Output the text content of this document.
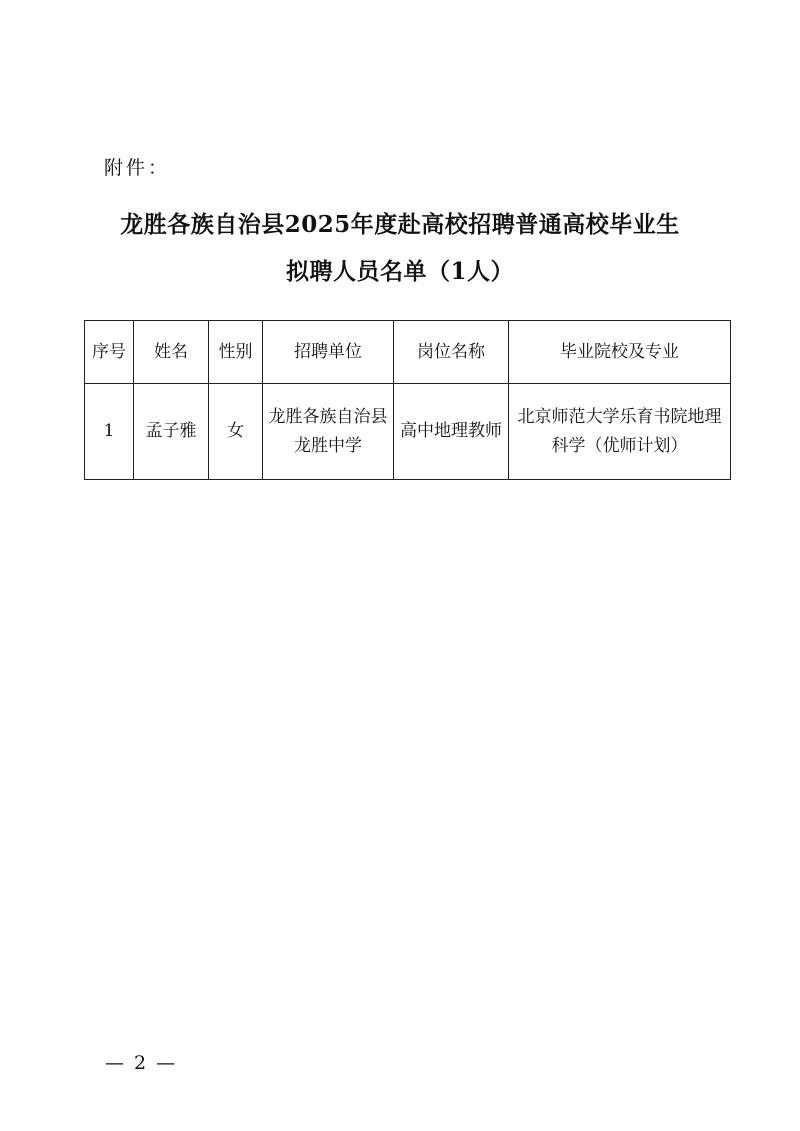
附件：
龙胜各族自治县2025年度赴高校招聘普通高校毕业生
拟聘人员名单（1人）
序号	姓名	性别	招聘单位	岗位名称	毕业院校及专业
1	孟子雅	女	龙胜各族自治县龙胜中学	高中地理教师	北京师范大学乐育书院地理科学（优师计划）
— 2 —
